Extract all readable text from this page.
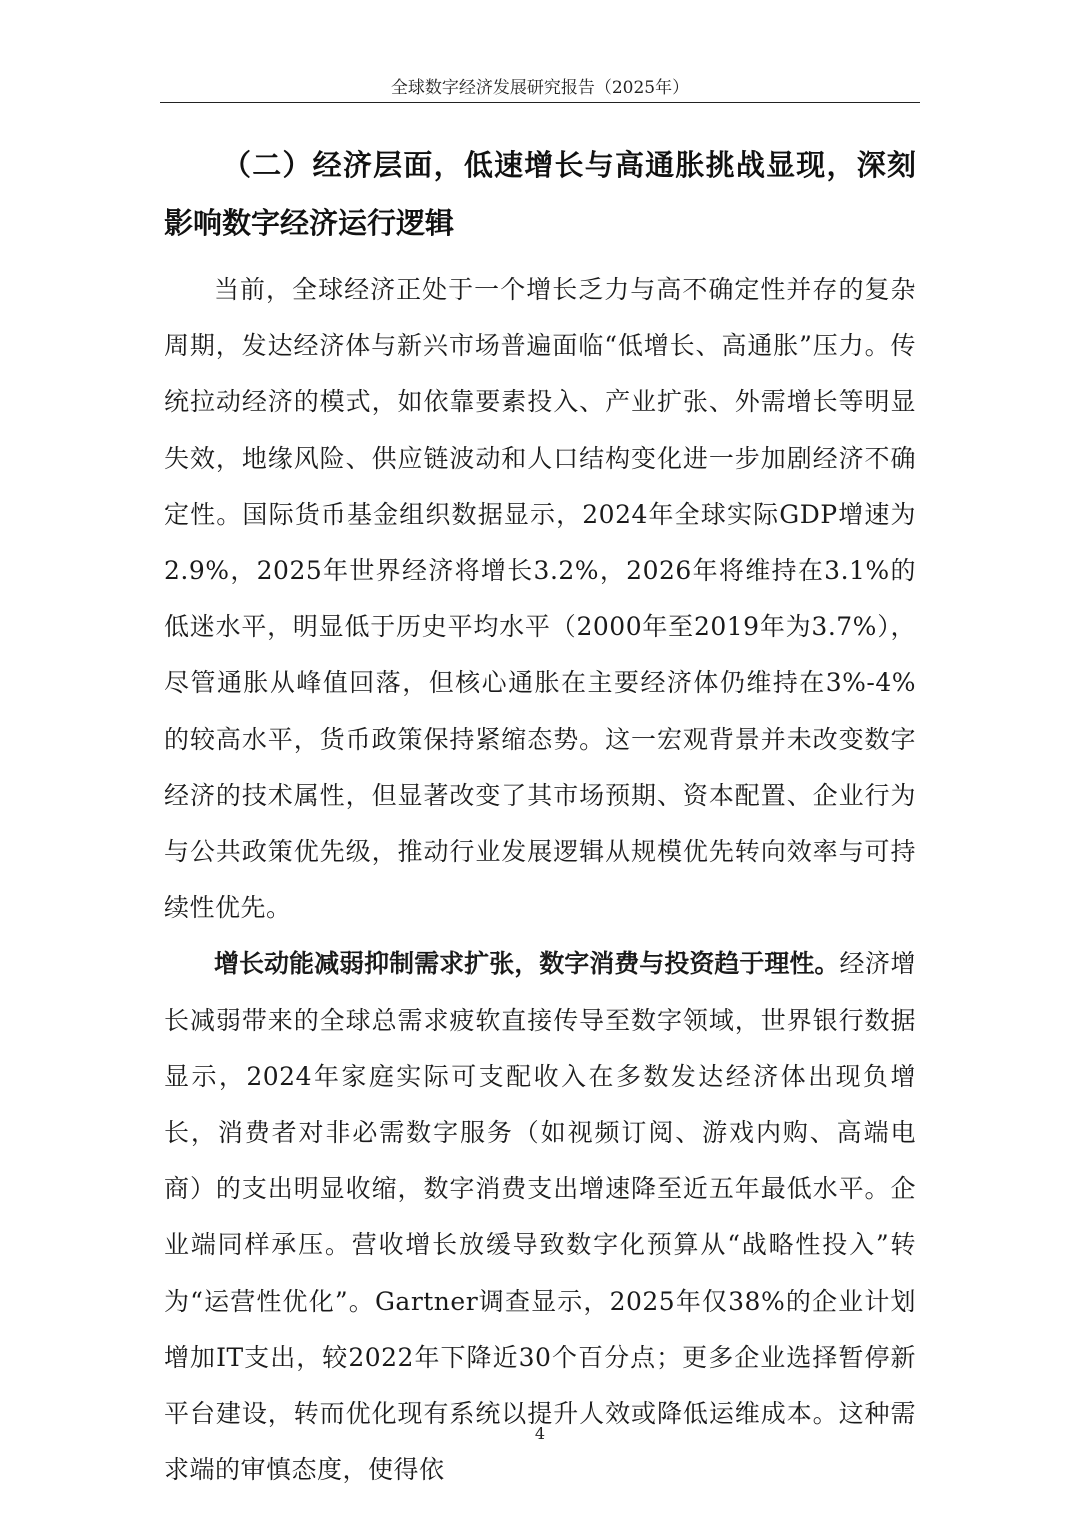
全球数字经济发展研究报告（2025年）
（二）经济层面，低速增长与高通胀挑战显现，深刻影响数字经济运行逻辑

当前，全球经济正处于一个增长乏力与高不确定性并存的复杂周期，发达经济体与新兴市场普遍面临“低增长、高通胀”压力。传统拉动经济的模式，如依靠要素投入、产业扩张、外需增长等明显失效，地缘风险、供应链波动和人口结构变化进一步加剧经济不确定性。国际货币基金组织数据显示，2024年全球实际GDP增速为2.9%，2025年世界经济将增长3.2%，2026年将维持在3.1%的低迷水平，明显低于历史平均水平（2000年至2019年为3.7%），尽管通胀从峰值回落，但核心通胀在主要经济体仍维持在3%-4%的较高水平，货币政策保持紧缩态势。这一宏观背景并未改变数字经济的技术属性，但显著改变了其市场预期、资本配置、企业行为与公共政策优先级，推动行业发展逻辑从规模优先转向效率与可持续性优先。

增长动能减弱抑制需求扩张，数字消费与投资趋于理性。经济增长减弱带来的全球总需求疲软直接传导至数字领域，世界银行数据显示，2024年家庭实际可支配收入在多数发达经济体出现负增长，消费者对非必需数字服务（如视频订阅、游戏内购、高端电商）的支出明显收缩，数字消费支出增速降至近五年最低水平。企业端同样承压。营收增长放缓导致数字化预算从“战略性投入”转为“运营性优化”。Gartner调查显示，2025年仅38%的企业计划增加IT支出，较2022年下降近30个百分点；更多企业选择暂停新平台建设，转而优化现有系统以提升人效或降低运维成本。这种需求端的审慎态度，使得依

4
